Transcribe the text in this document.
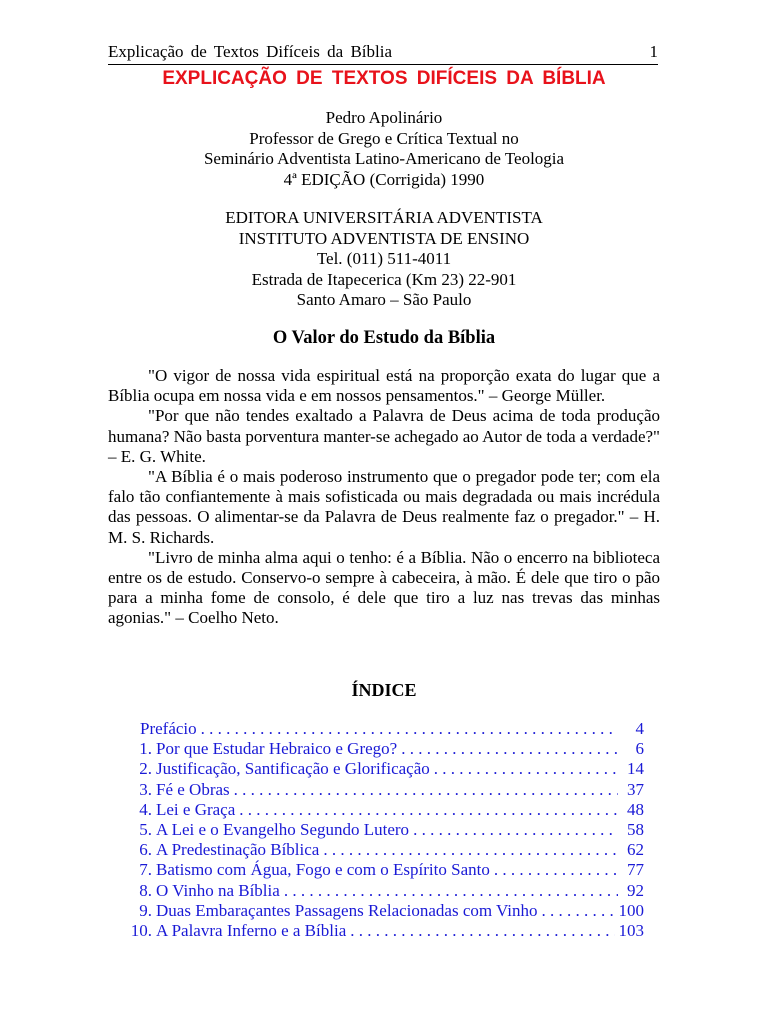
Explicação de Textos Difíceis da Bíblia	1
EXPLICAÇÃO DE TEXTOS DIFÍCEIS DA BÍBLIA
Pedro Apolinário
Professor de Grego e Crítica Textual no
Seminário Adventista Latino-Americano de Teologia
4ª EDIÇÃO (Corrigida) 1990
EDITORA UNIVERSITÁRIA ADVENTISTA
INSTITUTO ADVENTISTA DE ENSINO
Tel. (011) 511-4011
Estrada de Itapecerica (Km 23) 22-901
Santo Amaro – São Paulo
O Valor do Estudo da Bíblia

"O vigor de nossa vida espiritual está na proporção exata do lugar que a Bíblia ocupa em nossa vida e em nossos pensamentos." – George Müller.

"Por que não tendes exaltado a Palavra de Deus acima de toda produção humana? Não basta porventura manter-se achegado ao Autor de toda a verdade?" – E. G. White.

"A Bíblia é o mais poderoso instrumento que o pregador pode ter; com ela falo tão confiantemente à mais sofisticada ou mais degradada ou mais incrédula das pessoas. O alimentar-se da Palavra de Deus realmente faz o pregador." – H. M. S. Richards.

"Livro de minha alma aqui o tenho: é a Bíblia. Não o encerro na biblioteca entre os de estudo. Conservo-o sempre à cabeceira, à mão. É dele que tiro o pão para a minha fome de consolo, é dele que tiro a luz nas trevas das minhas agonias." – Coelho Neto.

ÍNDICE
Prefácio . . .	4
1. Por que Estudar Hebraico e Grego? . . .	6
2. Justificação, Santificação e Glorificação . . .	14
3. Fé e Obras . . .	37
4. Lei e Graça . . .	48
5. A Lei e o Evangelho Segundo Lutero . . .	58
6. A Predestinação Bíblica . . .	62
7. Batismo com Água, Fogo e com o Espírito Santo . . .	77
8. O Vinho na Bíblia . . .	92
9. Duas Embaraçantes Passagens Relacionadas com Vinho . . .	100
10. A Palavra Inferno e a Bíblia . . .	103
